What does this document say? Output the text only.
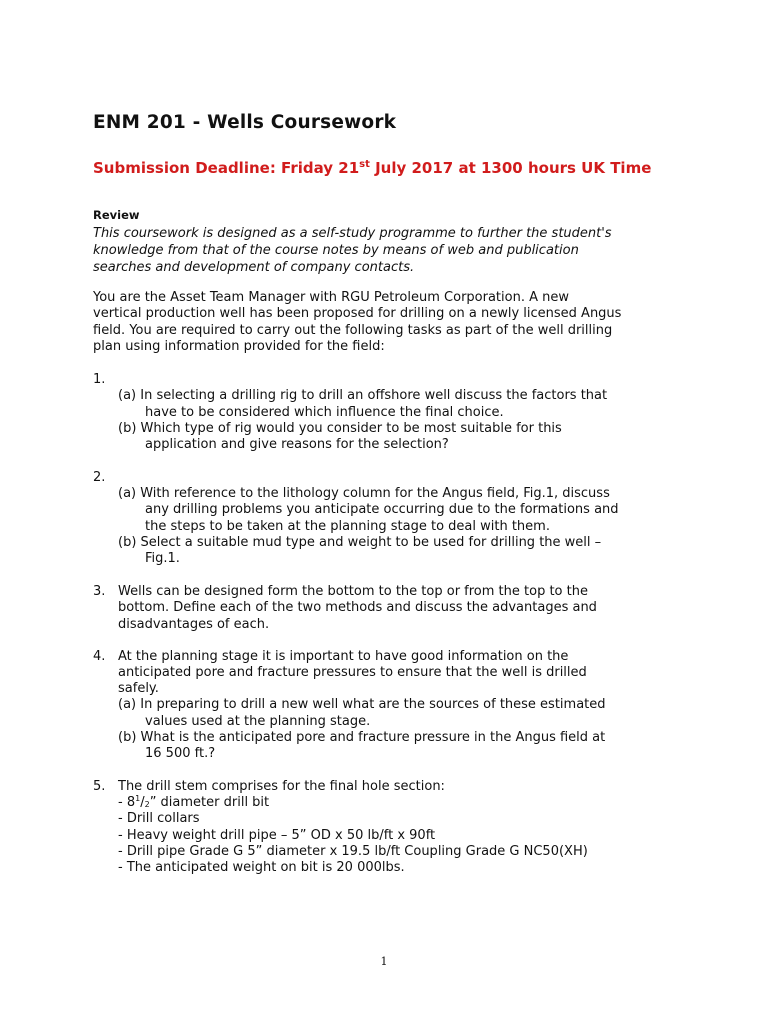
ENM 201 - Wells Coursework
Submission Deadline: Friday 21st July 2017 at 1300 hours UK Time
Review
This coursework is designed as a self-study programme to further the student's
knowledge from that of the course notes by means of web and publication
searches and development of company contacts.
You are the Asset Team Manager with RGU Petroleum Corporation. A new
vertical production well has been proposed for drilling on a newly licensed Angus
field. You are required to carry out the following tasks as part of the well drilling
plan using information provided for the field:
1.
(a) In selecting a drilling rig to drill an offshore well discuss the factors that
have to be considered which influence the final choice.
(b) Which type of rig would you consider to be most suitable for this
application and give reasons for the selection?
2.
(a) With reference to the lithology column for the Angus field, Fig.1, discuss
any drilling problems you anticipate occurring due to the formations and
the steps to be taken at the planning stage to deal with them.
(b) Select a suitable mud type and weight to be used for drilling the well –
Fig.1.
3. Wells can be designed form the bottom to the top or from the top to the
bottom. Define each of the two methods and discuss the advantages and
disadvantages of each.
4. At the planning stage it is important to have good information on the
anticipated pore and fracture pressures to ensure that the well is drilled
safely.
(a) In preparing to drill a new well what are the sources of these estimated
values used at the planning stage.
(b) What is the anticipated pore and fracture pressure in the Angus field at
16 500 ft.?
5. The drill stem comprises for the final hole section:
- $8^1/_2$” diameter drill bit
- Drill collars
- Heavy weight drill pipe – 5” OD x 50 lb/ft x 90ft
- Drill pipe Grade G 5” diameter x 19.5 lb/ft Coupling Grade G NC50(XH)
- The anticipated weight on bit is 20 000lbs.
1
